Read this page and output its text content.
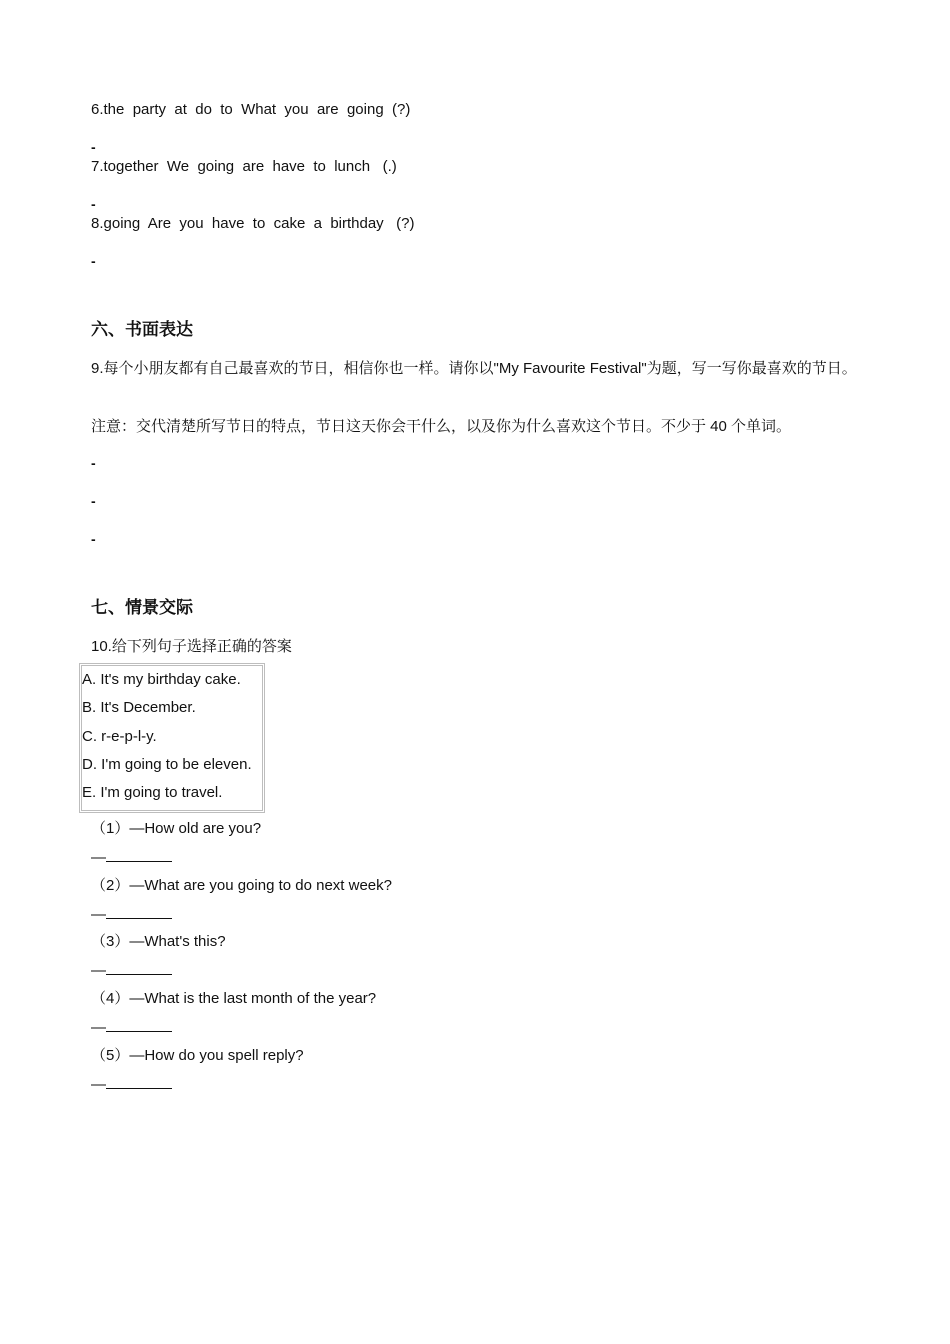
6.the  party  at  do  to  What  you  are  going  (?)
-
7.together  We  going  are  have  to  lunch   (.)
-
8.going  Are  you  have  to  cake  a  birthday   (?)
-
六、书面表达
9.每个小朋友都有自己最喜欢的节日，相信你也一样。请你以"My Favourite Festival"为题，写一写你最喜欢的节日。
注意：交代清楚所写节日的特点，节日这天你会干什么，以及你为什么喜欢这个节日。不少于 40 个单词。
-
-
-
七、情景交际
10.给下列句子选择正确的答案
A. It's my birthday cake.
B. It's December.
C. r-e-p-l-y.
D. I'm going to be eleven.
E. I'm going to travel.
（1）—How old are you?
—
（2）—What are you going to do next week?
—
（3）—What's this?
—
（4）—What is the last month of the year?
—
（5）—How do you spell reply?
—
